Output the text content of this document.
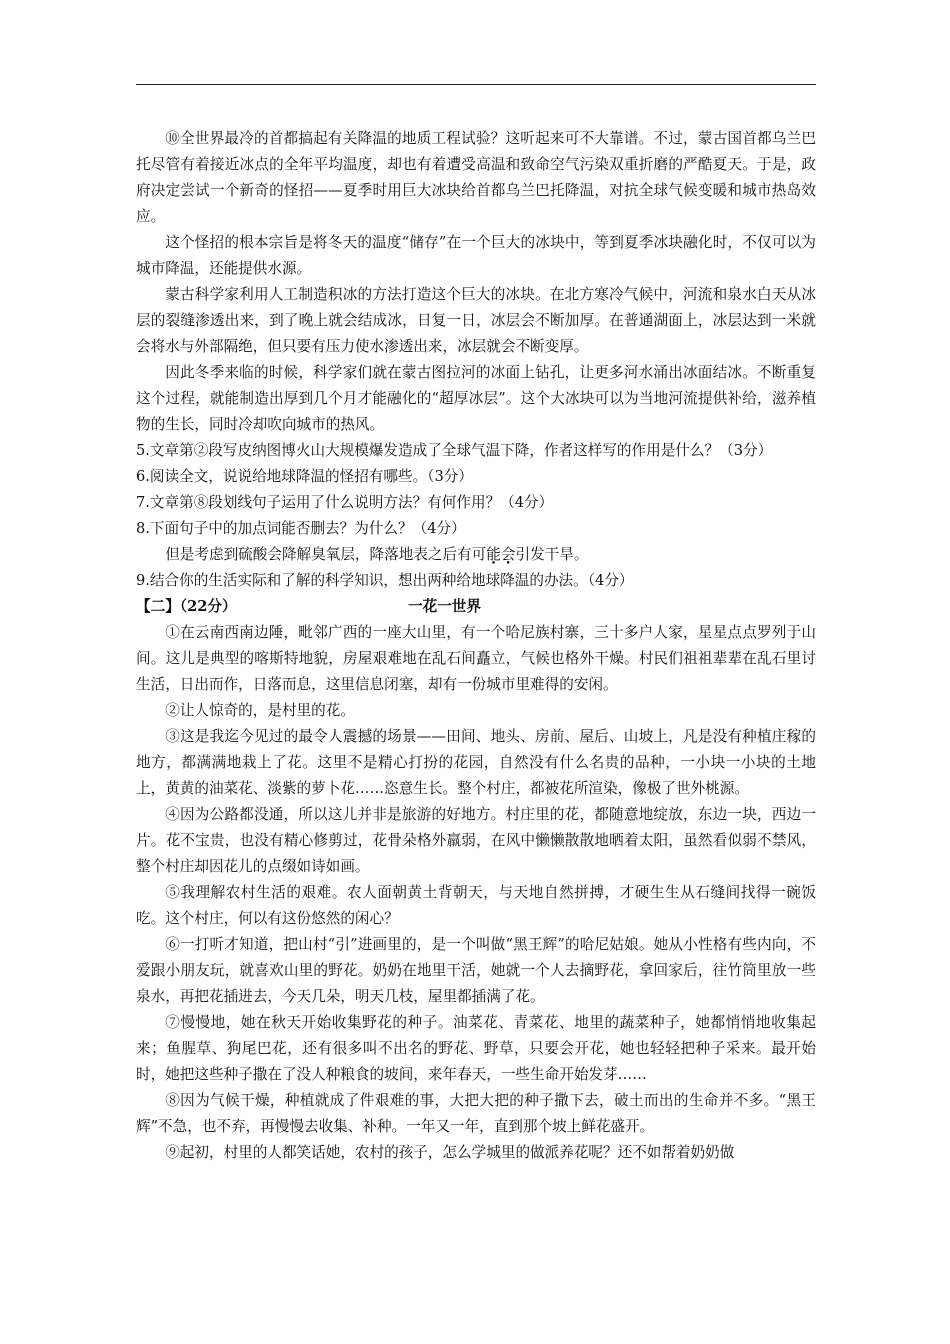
⑩全世界最冷的首都搞起有关降温的地质工程试验？这听起来可不大靠谱。不过，蒙古国首都乌兰巴托尽管有着接近冰点的全年平均温度，却也有着遭受高温和致命空气污染双重折磨的严酷夏天。于是，政府决定尝试一个新奇的怪招——夏季时用巨大冰块给首都乌兰巴托降温，对抗全球气候变暖和城市热岛效应。

这个怪招的根本宗旨是将冬天的温度“储存”在一个巨大的冰块中，等到夏季冰块融化时，不仅可以为城市降温，还能提供水源。

蒙古科学家利用人工制造积冰的方法打造这个巨大的冰块。在北方寒冷气候中，河流和泉水白天从冰层的裂缝渗透出来，到了晚上就会结成冰，日复一日，冰层会不断加厚。在普通湖面上，冰层达到一米就会将水与外部隔绝，但只要有压力使水渗透出来，冰层就会不断变厚。

因此冬季来临的时候，科学家们就在蒙古图拉河的冰面上钻孔，让更多河水涌出冰面结冰。不断重复这个过程，就能制造出厚到几个月才能融化的“超厚冰层”。这个大冰块可以为当地河流提供补给，滋养植物的生长，同时冷却吹向城市的热风。

5.文章第②段写皮纳图博火山大规模爆发造成了全球气温下降，作者这样写的作用是什么？（3分）

6.阅读全文，说说给地球降温的怪招有哪些。（3分）

7.文章第⑧段划线句子运用了什么说明方法？有何作用？（4分）

8.下面句子中的加点词能否删去？为什么？（4分）

但是考虑到硫酸会降解臭氧层，降落地表之后有可能会引发干旱。

9.结合你的生活实际和了解的科学知识，想出两种给地球降温的办法。（4分）

【二】（22分）	一花一世界

①在云南西南边陲，毗邻广西的一座大山里，有一个哈尼族村寨，三十多户人家，星星点点罗列于山间。这儿是典型的喀斯特地貌，房屋艰难地在乱石间矗立，气候也格外干燥。村民们祖祖辈辈在乱石里讨生活，日出而作，日落而息，这里信息闭塞，却有一份城市里难得的安闲。

②让人惊奇的，是村里的花。

③这是我迄今见过的最令人震撼的场景——田间、地头、房前、屋后、山坡上，凡是没有种植庄稼的地方，都满满地栽上了花。这里不是精心打扮的花园，自然没有什么名贵的品种，一小块一小块的土地上，黄黄的油菜花、淡紫的萝卜花……恣意生长。整个村庄，都被花所渲染，像极了世外桃源。

④因为公路都没通，所以这儿并非是旅游的好地方。村庄里的花，都随意地绽放，东边一块，西边一片。花不宝贵，也没有精心修剪过，花骨朵格外羸弱，在风中懒懒散散地晒着太阳，虽然看似弱不禁风，整个村庄却因花儿的点缀如诗如画。

⑤我理解农村生活的艰难。农人面朝黄土背朝天，与天地自然拼搏，才硬生生从石缝间找得一碗饭吃。这个村庄，何以有这份悠然的闲心？

⑥一打听才知道，把山村“引”进画里的，是一个叫做“黑王辉”的哈尼姑娘。她从小性格有些内向，不爱跟小朋友玩，就喜欢山里的野花。奶奶在地里干活，她就一个人去摘野花，拿回家后，往竹筒里放一些泉水，再把花插进去，今天几朵，明天几枝，屋里都插满了花。

⑦慢慢地，她在秋天开始收集野花的种子。油菜花、青菜花、地里的蔬菜种子，她都悄悄地收集起来；鱼腥草、狗尾巴花，还有很多叫不出名的野花、野草，只要会开花，她也轻轻把种子采来。最开始时，她把这些种子撒在了没人种粮食的坡间，来年春天，一些生命开始发芽……

⑧因为气候干燥，种植就成了件艰难的事，大把大把的种子撒下去，破土而出的生命并不多。“黑王辉”不急，也不弃，再慢慢去收集、补种。一年又一年，直到那个坡上鲜花盛开。

⑨起初，村里的人都笑话她，农村的孩子，怎么学城里的做派养花呢？还不如帮着奶奶做
